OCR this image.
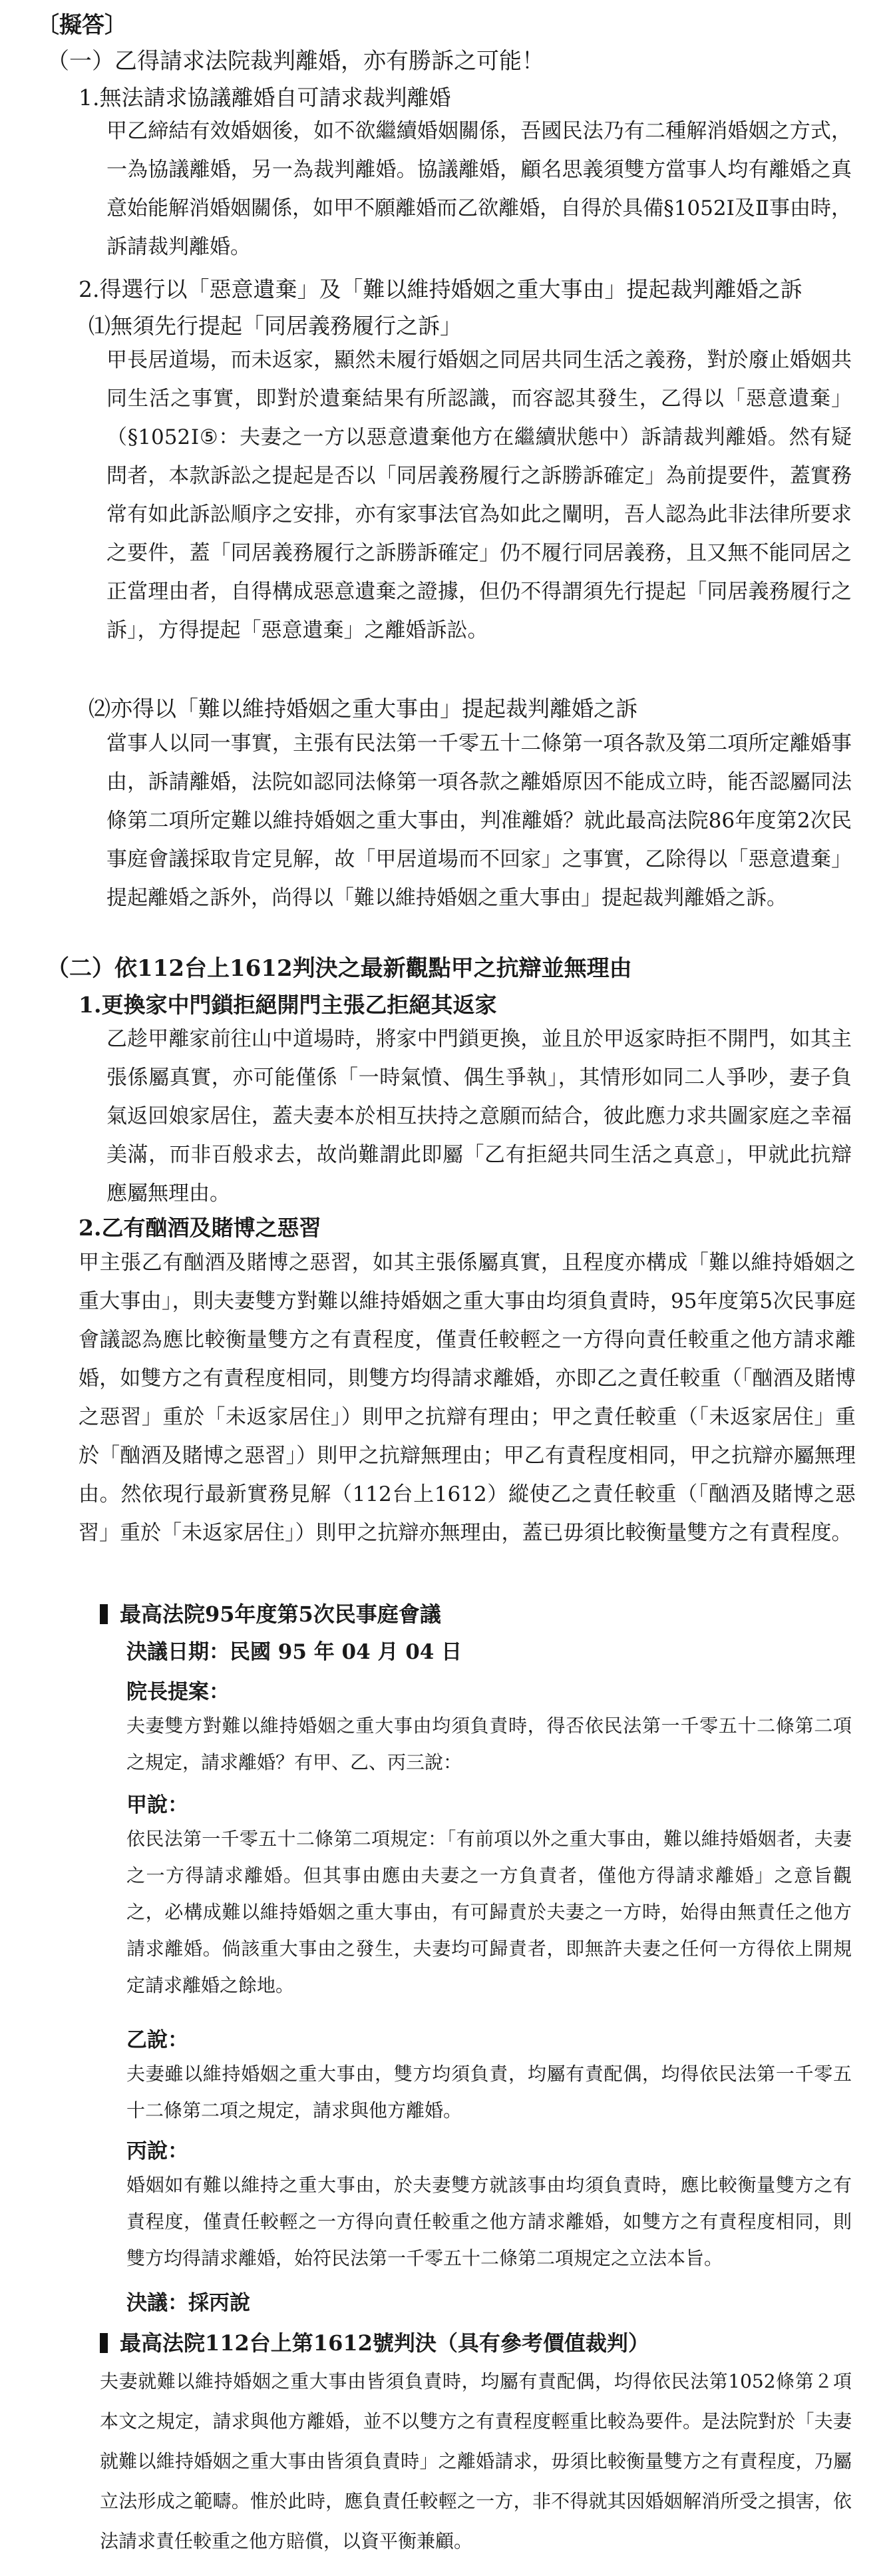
〔擬答〕

（一）乙得請求法院裁判離婚，亦有勝訴之可能！

1.無法請求協議離婚自可請求裁判離婚

甲乙締結有效婚姻後，如不欲繼續婚姻關係，吾國民法乃有二種解消婚姻之方式，一為協議離婚，另一為裁判離婚。協議離婚，顧名思義須雙方當事人均有離婚之真意始能解消婚姻關係，如甲不願離婚而乙欲離婚，自得於具備§1052Ⅰ及Ⅱ事由時，訴請裁判離婚。

2.得選行以「惡意遺棄」及「難以維持婚姻之重大事由」提起裁判離婚之訴

⑴無須先行提起「同居義務履行之訴」

甲長居道場，而未返家，顯然未履行婚姻之同居共同生活之義務，對於廢止婚姻共同生活之事實，即對於遺棄結果有所認識，而容認其發生，乙得以「惡意遺棄」（§1052Ⅰ⑤：夫妻之一方以惡意遺棄他方在繼續狀態中）訴請裁判離婚。然有疑問者，本款訴訟之提起是否以「同居義務履行之訴勝訴確定」為前提要件，蓋實務常有如此訴訟順序之安排，亦有家事法官為如此之闡明，吾人認為此非法律所要求之要件，蓋「同居義務履行之訴勝訴確定」仍不履行同居義務，且又無不能同居之正當理由者，自得構成惡意遺棄之證據，但仍不得謂須先行提起「同居義務履行之訴」，方得提起「惡意遺棄」之離婚訴訟。

⑵亦得以「難以維持婚姻之重大事由」提起裁判離婚之訴

當事人以同一事實，主張有民法第一千零五十二條第一項各款及第二項所定離婚事由，訴請離婚，法院如認同法條第一項各款之離婚原因不能成立時，能否認屬同法條第二項所定難以維持婚姻之重大事由，判准離婚？就此最高法院86年度第2次民事庭會議採取肯定見解，故「甲居道場而不回家」之事實，乙除得以「惡意遺棄」提起離婚之訴外，尚得以「難以維持婚姻之重大事由」提起裁判離婚之訴。

（二）依112台上1612判決之最新觀點甲之抗辯並無理由

1.更換家中門鎖拒絕開門主張乙拒絕其返家

乙趁甲離家前往山中道場時，將家中門鎖更換，並且於甲返家時拒不開門，如其主張係屬真實，亦可能僅係「一時氣憤、偶生爭執」，其情形如同二人爭吵，妻子負氣返回娘家居住，蓋夫妻本於相互扶持之意願而結合，彼此應力求共圖家庭之幸福美滿，而非百般求去，故尚難謂此即屬「乙有拒絕共同生活之真意」，甲就此抗辯應屬無理由。

2.乙有酗酒及賭博之惡習

甲主張乙有酗酒及賭博之惡習，如其主張係屬真實，且程度亦構成「難以維持婚姻之重大事由」，則夫妻雙方對難以維持婚姻之重大事由均須負責時，95年度第5次民事庭會議認為應比較衡量雙方之有責程度，僅責任較輕之一方得向責任較重之他方請求離婚，如雙方之有責程度相同，則雙方均得請求離婚，亦即乙之責任較重（「酗酒及賭博之惡習」重於「未返家居住」）則甲之抗辯有理由；甲之責任較重（「未返家居住」重於「酗酒及賭博之惡習」）則甲之抗辯無理由；甲乙有責程度相同，甲之抗辯亦屬無理由。然依現行最新實務見解（112台上1612）縱使乙之責任較重（「酗酒及賭博之惡習」重於「未返家居住」）則甲之抗辯亦無理由，蓋已毋須比較衡量雙方之有責程度。

最高法院95年度第5次民事庭會議

決議日期：民國 95 年 04 月 04 日

院長提案：

夫妻雙方對難以維持婚姻之重大事由均須負責時，得否依民法第一千零五十二條第二項之規定，請求離婚？有甲、乙、丙三說：

甲說：

依民法第一千零五十二條第二項規定：「有前項以外之重大事由，難以維持婚姻者，夫妻之一方得請求離婚。但其事由應由夫妻之一方負責者，僅他方得請求離婚」之意旨觀之，必構成難以維持婚姻之重大事由，有可歸責於夫妻之一方時，始得由無責任之他方請求離婚。倘該重大事由之發生，夫妻均可歸責者，即無許夫妻之任何一方得依上開規定請求離婚之餘地。

乙說：

夫妻雖以維持婚姻之重大事由，雙方均須負責，均屬有責配偶，均得依民法第一千零五十二條第二項之規定，請求與他方離婚。

丙說：

婚姻如有難以維持之重大事由，於夫妻雙方就該事由均須負責時，應比較衡量雙方之有責程度，僅責任較輕之一方得向責任較重之他方請求離婚，如雙方之有責程度相同，則雙方均得請求離婚，始符民法第一千零五十二條第二項規定之立法本旨。

決議：採丙說

最高法院112台上第1612號判決（具有參考價值裁判）

夫妻就難以維持婚姻之重大事由皆須負責時，均屬有責配偶，均得依民法第1052條第２項本文之規定，請求與他方離婚，並不以雙方之有責程度輕重比較為要件。是法院對於「夫妻就難以維持婚姻之重大事由皆須負責時」之離婚請求，毋須比較衡量雙方之有責程度，乃屬立法形成之範疇。惟於此時，應負責任較輕之一方，非不得就其因婚姻解消所受之損害，依法請求責任較重之他方賠償，以資平衡兼顧。
